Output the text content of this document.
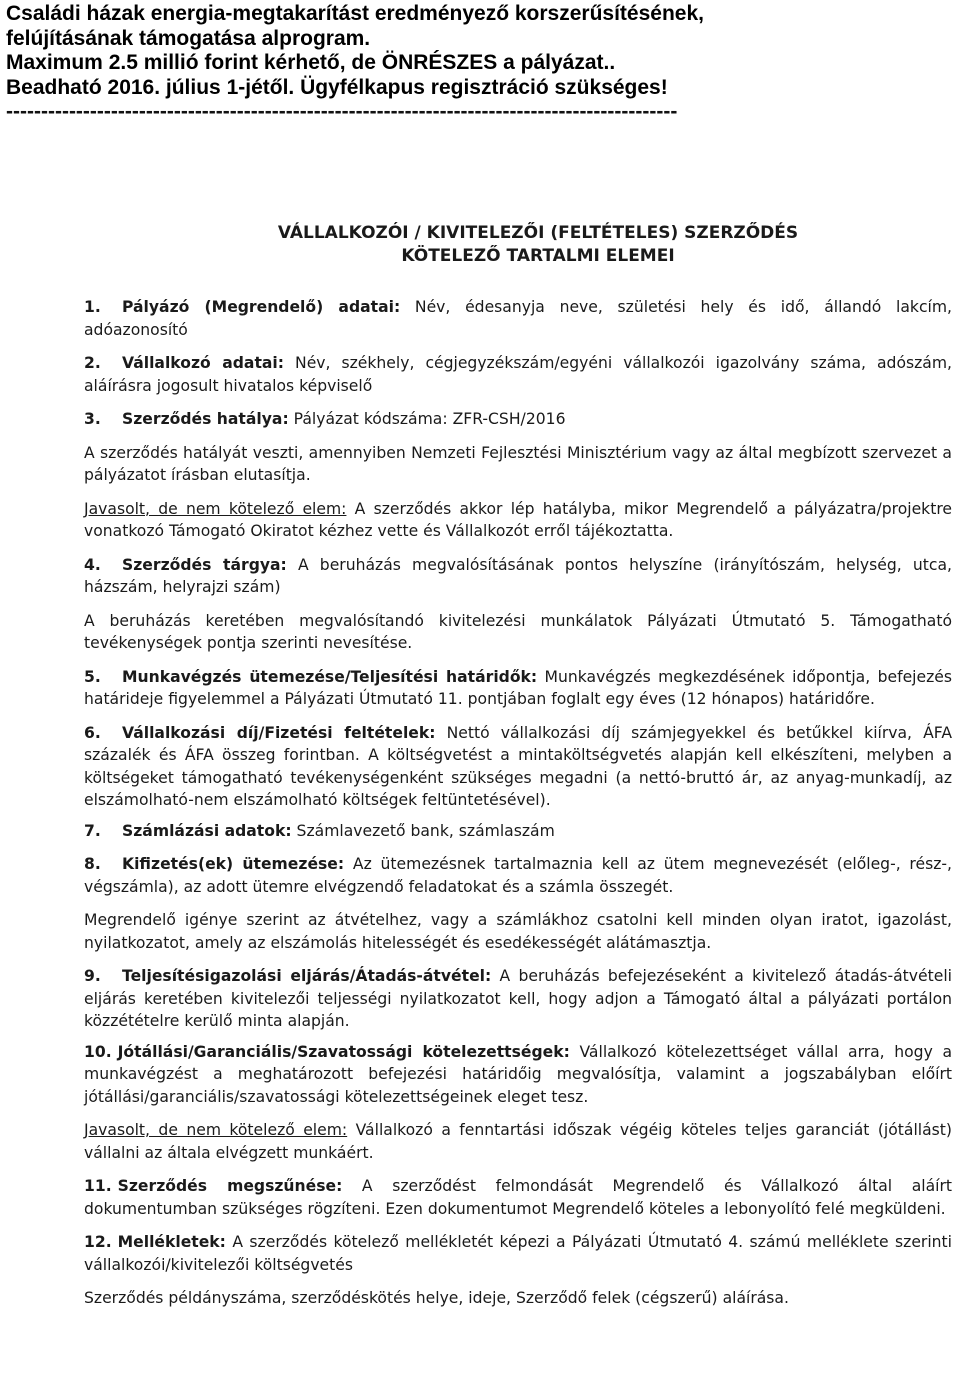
Családi házak energia-megtakarítást eredményező korszerűsítésének,
felújításának támogatása alprogram.
Maximum 2.5 millió forint kérhető, de ÖNRÉSZES a pályázat..
Beadható 2016. július 1-jétől. Ügyfélkapus regisztráció szükséges!
------------------------------------------------------------------------------------------------
VÁLLALKOZÓI / KIVITELEZŐI (FELTÉTELES) SZERZŐDÉS
KÖTELEZŐ TARTALMI ELEMEI
1. Pályázó (Megrendelő) adatai: Név, édesanyja neve, születési hely és idő, állandó lakcím, adóazonosító
2. Vállalkozó adatai: Név, székhely, cégjegyzékszám/egyéni vállalkozói igazolvány száma, adószám, aláírásra jogosult hivatalos képviselő
3. Szerződés hatálya: Pályázat kódszáma: ZFR-CSH/2016
A szerződés hatályát veszti, amennyiben Nemzeti Fejlesztési Minisztérium vagy az által megbízott szervezet a pályázatot írásban elutasítja.
Javasolt, de nem kötelező elem: A szerződés akkor lép hatályba, mikor Megrendelő a pályázatra/projektre vonatkozó Támogató Okiratot kézhez vette és Vállalkozót erről tájékoztatta.
4. Szerződés tárgya: A beruházás megvalósításának pontos helyszíne (irányítószám, helység, utca, házszám, helyrajzi szám)
A beruházás keretében megvalósítandó kivitelezési munkálatok Pályázati Útmutató 5. Támogatható tevékenységek pontja szerinti nevesítése.
5. Munkavégzés ütemezése/Teljesítési határidők: Munkavégzés megkezdésének időpontja, befejezés határideje figyelemmel a Pályázati Útmutató 11. pontjában foglalt egy éves (12 hónapos) határidőre.
6. Vállalkozási díj/Fizetési feltételek: Nettó vállalkozási díj számjegyekkel és betűkkel kiírva, ÁFA százalék és ÁFA összeg forintban. A költségvetést a mintaköltségvetés alapján kell elkészíteni, melyben a költségeket támogatható tevékenységenként szükséges megadni (a nettó-bruttó ár, az anyag-munkadíj, az elszámolható-nem elszámolható költségek feltüntetésével).
7. Számlázási adatok: Számlavezető bank, számlaszám
8. Kifizetés(ek) ütemezése: Az ütemezésnek tartalmaznia kell az ütem megnevezését (előleg-, rész-, végszámla), az adott ütemre elvégzendő feladatokat és a számla összegét.
Megrendelő igénye szerint az átvételhez, vagy a számlákhoz csatolni kell minden olyan iratot, igazolást, nyilatkozatot, amely az elszámolás hitelességét és esedékességét alátámasztja.
9. Teljesítésigazolási eljárás/Átadás-átvétel: A beruházás befejezéseként a kivitelező átadás-átvételi eljárás keretében kivitelezői teljességi nyilatkozatot kell, hogy adjon a Támogató által a pályázati portálon közzétételre kerülő minta alapján.
10. Jótállási/Garanciális/Szavatossági kötelezettségek: Vállalkozó kötelezettséget vállal arra, hogy a munkavégzést a meghatározott befejezési határidőig megvalósítja, valamint a jogszabályban előírt jótállási/garanciális/szavatossági kötelezettségeinek eleget tesz.
Javasolt, de nem kötelező elem: Vállalkozó a fenntartási időszak végéig köteles teljes garanciát (jótállást) vállalni az általa elvégzett munkáért.
11. Szerződés megszűnése: A szerződést felmondását Megrendelő és Vállalkozó által aláírt dokumentumban szükséges rögzíteni. Ezen dokumentumot Megrendelő köteles a lebonyolító felé megküldeni.
12. Mellékletek: A szerződés kötelező mellékletét képezi a Pályázati Útmutató 4. számú melléklete szerinti vállalkozói/kivitelezői költségvetés
Szerződés példányszáma, szerződéskötés helye, ideje, Szerződő felek (cégszerű) aláírása.
